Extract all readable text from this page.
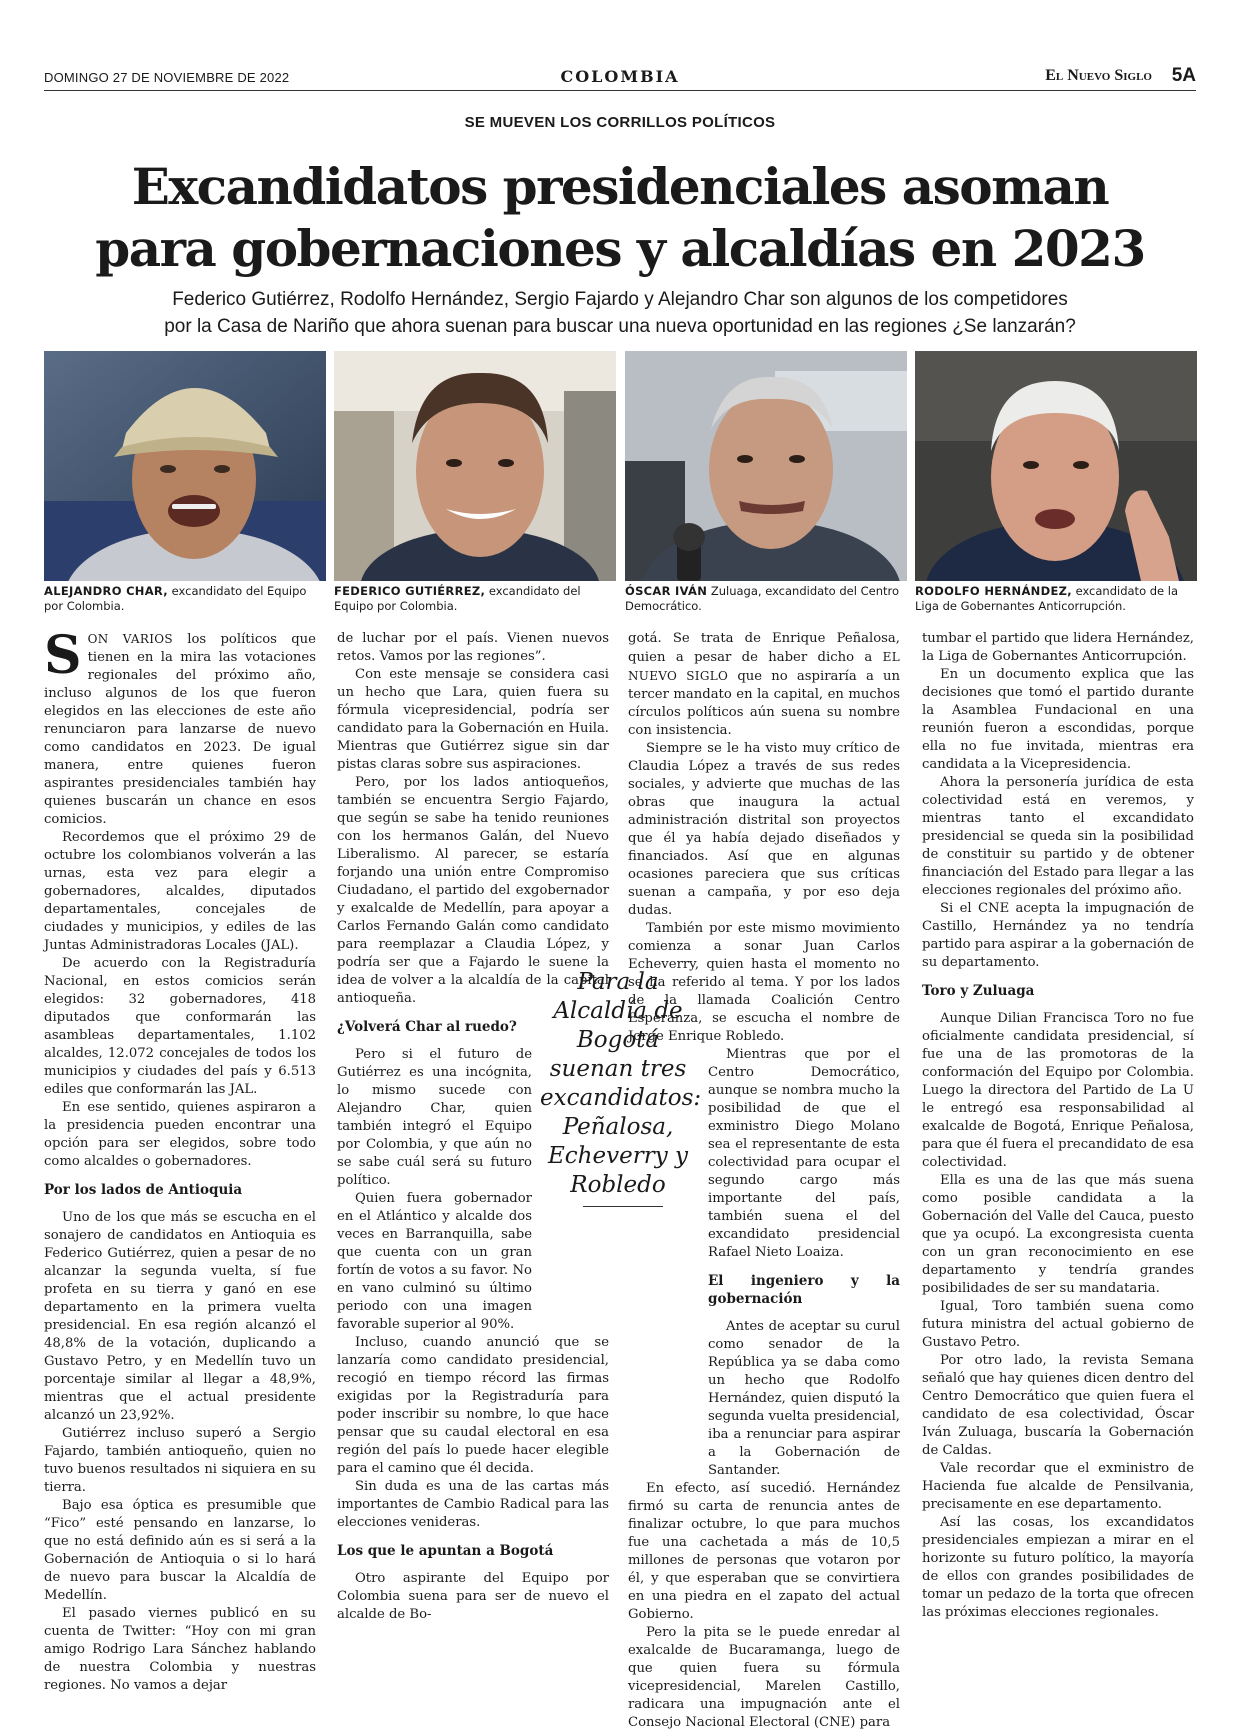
DOMINGO 27 DE NOVIEMBRE DE 2022	COLOMBIA	El Nuevo Siglo 5A
SE MUEVEN LOS CORRILLOS POLÍTICOS
Excandidatos presidenciales asoman
para gobernaciones y alcaldías en 2023

Federico Gutiérrez, Rodolfo Hernández, Sergio Fajardo y Alejandro Char son algunos de los competidores
por la Casa de Nariño que ahora suenan para buscar una nueva oportunidad en las regiones ¿Se lanzarán?

ALEJANDRO CHAR, excandidato del Equipo por Colombia.
FEDERICO GUTIÉRREZ, excandidato del Equipo por Colombia.
ÓSCAR IVÁN Zuluaga, excandidato del Centro Democrático.
RODOLFO HERNÁNDEZ, excandidato de la Liga de Gobernantes Anticorrupción.

SON VARIOS los políticos que tienen en la mira las votaciones regionales del próximo año, incluso algunos de los que fueron elegidos en las elecciones de este año renunciaron para lanzarse de nuevo como candidatos en 2023. De igual manera, entre quienes fueron aspirantes presidenciales también hay quienes buscarán un chance en esos comicios.

Recordemos que el próximo 29 de octubre los colombianos volverán a las urnas, esta vez para elegir a gobernadores, alcaldes, diputados departamentales, concejales de ciudades y municipios, y ediles de las Juntas Administradoras Locales (JAL).

De acuerdo con la Registraduría Nacional, en estos comicios serán elegidos: 32 gobernadores, 418 diputados que conformarán las asambleas departamentales, 1.102 alcaldes, 12.072 concejales de todos los municipios y ciudades del país y 6.513 ediles que conformarán las JAL.

En ese sentido, quienes aspiraron a la presidencia pueden encontrar una opción para ser elegidos, sobre todo como alcaldes o gobernadores.

Por los lados de Antioquia

Uno de los que más se escucha en el sonajero de candidatos en Antioquia es Federico Gutiérrez, quien a pesar de no alcanzar la segunda vuelta, sí fue profeta en su tierra y ganó en ese departamento en la primera vuelta presidencial. En esa región alcanzó el 48,8% de la votación, duplicando a Gustavo Petro, y en Medellín tuvo un porcentaje similar al llegar a 48,9%, mientras que el actual presidente alcanzó un 23,92%.

Gutiérrez incluso superó a Sergio Fajardo, también antioqueño, quien no tuvo buenos resultados ni siquiera en su tierra.

Bajo esa óptica es presumible que “Fico” esté pensando en lanzarse, lo que no está definido aún es si será a la Gobernación de Antioquia o si lo hará de nuevo para buscar la Alcaldía de Medellín.

El pasado viernes publicó en su cuenta de Twitter: “Hoy con mi gran amigo Rodrigo Lara Sánchez hablando de nuestra Colombia y nuestras regiones. No vamos a dejar

de luchar por el país. Vienen nuevos retos. Vamos por las regiones”.

Con este mensaje se considera casi un hecho que Lara, quien fuera su fórmula vicepresidencial, podría ser candidato para la Gobernación en Huila. Mientras que Gutiérrez sigue sin dar pistas claras sobre sus aspiraciones.

Pero, por los lados antioqueños, también se encuentra Sergio Fajardo, que según se sabe ha tenido reuniones con los hermanos Galán, del Nuevo Liberalismo. Al parecer, se estaría forjando una unión entre Compromiso Ciudadano, el partido del exgobernador y exalcalde de Medellín, para apoyar a Carlos Fernando Galán como candidato para reemplazar a Claudia López, y podría ser que a Fajardo le suene la idea de volver a la alcaldía de la capital antioqueña.

¿Volverá Char al ruedo?

Pero si el futuro de Gutiérrez es una incógnita, lo mismo sucede con Alejandro Char, quien también integró el Equipo por Colombia, y que aún no se sabe cuál será su futuro político.

Quien fuera gobernador en el Atlántico y alcalde dos veces en Barranquilla, sabe que cuenta con un gran fortín de votos a su favor. No en vano culminó su último periodo con una imagen favorable superior al 90%.

Incluso, cuando anunció que se lanzaría como candidato presidencial, recogió en tiempo récord las firmas exigidas por la Registraduría para poder inscribir su nombre, lo que hace pensar que su caudal electoral en esa región del país lo puede hacer elegible para el camino que él decida.

Sin duda es una de las cartas más importantes de Cambio Radical para las elecciones venideras.

Los que le apuntan a Bogotá

Otro aspirante del Equipo por Colombia suena para ser de nuevo el alcalde de Bo-

Para la Alcaldía de Bogotá suenan tres excandidatos: Peñalosa, Echeverry y Robledo

gotá. Se trata de Enrique Peñalosa, quien a pesar de haber dicho a EL NUEVO SIGLO que no aspiraría a un tercer mandato en la capital, en muchos círculos políticos aún suena su nombre con insistencia.

Siempre se le ha visto muy crítico de Claudia López a través de sus redes sociales, y advierte que muchas de las obras que inaugura la actual administración distrital son proyectos que él ya había dejado diseñados y financiados. Así que en algunas ocasiones pareciera que sus críticas suenan a campaña, y por eso deja dudas.

También por este mismo movimiento comienza a sonar Juan Carlos Echeverry, quien hasta el momento no se ha referido al tema. Y por los lados de la llamada Coalición Centro Esperanza, se escucha el nombre de Jorge Enrique Robledo.

Mientras que por el Centro Democrático, aunque se nombra mucho la posibilidad de que el exministro Diego Molano sea el representante de esta colectividad para ocupar el segundo cargo más importante del país, también suena el del excandidato presidencial Rafael Nieto Loaiza.

El ingeniero y la gobernación

Antes de aceptar su curul como senador de la República ya se daba como un hecho que Rodolfo Hernández, quien disputó la segunda vuelta presidencial, iba a renunciar para aspirar a la Gobernación de Santander.

En efecto, así sucedió. Hernández firmó su carta de renuncia antes de finalizar octubre, lo que para muchos fue una cachetada a más de 10,5 millones de personas que votaron por él, y que esperaban que se convirtiera en una piedra en el zapato del actual Gobierno.

Pero la pita se le puede enredar al exalcalde de Bucaramanga, luego de que quien fuera su fórmula vicepresidencial, Marelen Castillo, radicara una impugnación ante el Consejo Nacional Electoral (CNE) para

tumbar el partido que lidera Hernández, la Liga de Gobernantes Anticorrupción.

En un documento explica que las decisiones que tomó el partido durante la Asamblea Fundacional en una reunión fueron a escondidas, porque ella no fue invitada, mientras era candidata a la Vicepresidencia.

Ahora la personería jurídica de esta colectividad está en veremos, y mientras tanto el excandidato presidencial se queda sin la posibilidad de constituir su partido y de obtener financiación del Estado para llegar a las elecciones regionales del próximo año.

Si el CNE acepta la impugnación de Castillo, Hernández ya no tendría partido para aspirar a la gobernación de su departamento.

Toro y Zuluaga

Aunque Dilian Francisca Toro no fue oficialmente candidata presidencial, sí fue una de las promotoras de la conformación del Equipo por Colombia. Luego la directora del Partido de La U le entregó esa responsabilidad al exalcalde de Bogotá, Enrique Peñalosa, para que él fuera el precandidato de esa colectividad.

Ella es una de las que más suena como posible candidata a la Gobernación del Valle del Cauca, puesto que ya ocupó. La excongresista cuenta con un gran reconocimiento en ese departamento y tendría grandes posibilidades de ser su mandataria.

Igual, Toro también suena como futura ministra del actual gobierno de Gustavo Petro.

Por otro lado, la revista Semana señaló que hay quienes dicen dentro del Centro Democrático que quien fuera el candidato de esa colectividad, Óscar Iván Zuluaga, buscaría la Gobernación de Caldas.

Vale recordar que el exministro de Hacienda fue alcalde de Pensilvania, precisamente en ese departamento.

Así las cosas, los excandidatos presidenciales empiezan a mirar en el horizonte su futuro político, la mayoría de ellos con grandes posibilidades de tomar un pedazo de la torta que ofrecen las próximas elecciones regionales.
